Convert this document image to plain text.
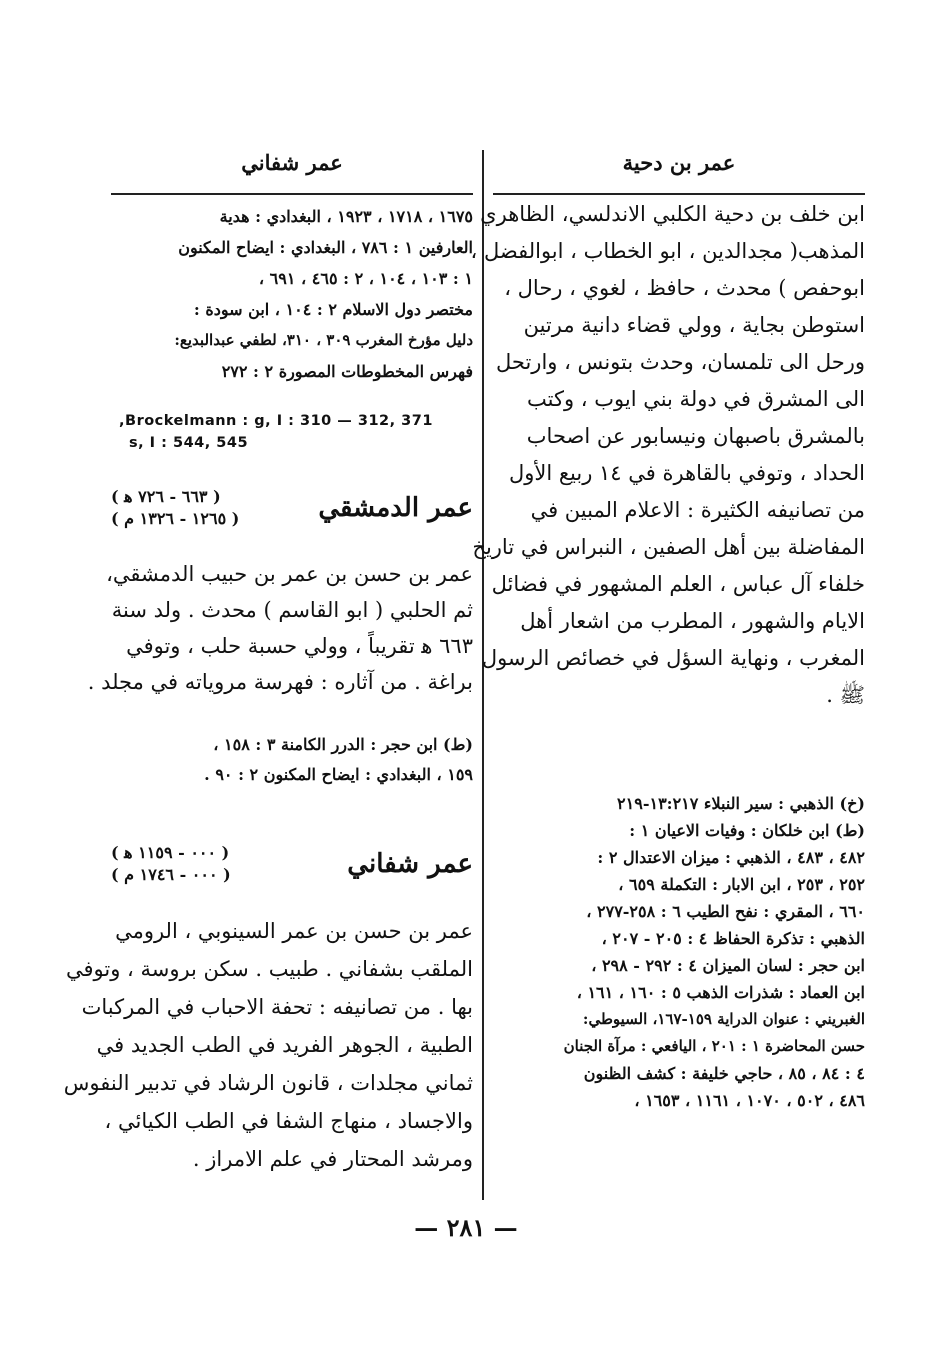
عمر بن دحية
عمر شفاني

ابن خلف بن دحية الكلبي الاندلسي، الظاهري

المذهب( مجدالدين ، ابو الخطاب ، ابوالفضل ،

ابوحفص ) محدث ، حافظ ، لغوي ، رحال ،

استوطن بجاية ، وولي قضاء دانية مرتين

ورحل الى تلمسان، وحدث بتونس ، وارتحل

الى المشرق في دولة بني ايوب ، وكتب

بالمشرق باصبهان ونيسابور عن اصحاب

الحداد ، وتوفي بالقاهرة في ١٤ ربيع الأول

من تصانيفه الكثيرة : الاعلام المبين في

المفاضلة بين أهل الصفين ، النبراس في تاريخ

خلفاء آل عباس ، العلم المشهور في فضائل

الايام والشهور ، المطرب من اشعار أهل

المغرب ، ونهاية السؤل في خصائص الرسول

ﷺ .

(خ) الذهبي : سير النبلاء ١٣:٢١٧-٢١٩

(ط) ابن خلكان : وفيات الاعيان ١ :

٤٨٢ ، ٤٨٣ ، الذهبي : ميزان الاعتدال ٢ :

٢٥٢ ، ٢٥٣ ، ابن الابار : التكملة ٦٥٩ ،

٦٦٠ ، المقري : نفح الطيب ٦ : ٢٥٨-٢٧٧ ،

الذهبي : تذكرة الحفاظ ٤ : ٢٠٥ - ٢٠٧ ،

ابن حجر : لسان الميزان ٤ : ٢٩٢ - ٢٩٨ ،

ابن العماد : شذرات الذهب ٥ : ١٦٠ ، ١٦١ ،

الغبريني : عنوان الدراية ١٥٩-١٦٧، السيوطي:

حسن المحاضرة ١ : ٢٠١ ، اليافعي : مرآة الجنان

٤ : ٨٤ ، ٨٥ ، حاجي خليفة : كشف الظنون

٤٨٦ ، ٥٠٢ ، ١٠٧٠ ، ١١٦١ ، ١٦٥٣ ،

١٦٧٥ ، ١٧١٨ ، ١٩٢٣ ، البغدادي : هدية

العارفين ١ : ٧٨٦ ، البغدادي : ايضاح المكنون

١ : ١٠٣ ، ١٠٤ ، ٢ : ٤٦٥ ، ٦٩١ ،

مختصر دول الاسلام ٢ : ١٠٤ ، ابن سودة :

دليل مؤرخ المغرب ٣٠٩ ، ٣١٠، لطفي عبدالبديع:

فهرس المخطوطات المصورة ٢ : ٢٧٢

Brockelmann : g, I : 310 — 312, 371,
s, I : 544, 545
عمر الدمشقي
( ٦٦٣ - ٧٢٦ ﻫ )
( ١٢٦٥ - ١٣٢٦ م )

عمر بن حسن بن عمر بن حبيب الدمشقي،

ثم الحلبي ( ابو القاسم ) محدث . ولد سنة

٦٦٣ ﻫ تقريباً ، وولي حسبة حلب ، وتوفي

براغة . من آثاره : فهرسة مروياته في مجلد .

(ط) ابن حجر : الدرر الكامنة ٣ : ١٥٨ ،

١٥٩ ، البغدادي : ايضاح المكنون ٢ : ٩٠ .

عمر شفاني
( ٠٠٠ - ١١٥٩ ﻫ )
( ٠٠٠ - ١٧٤٦ م )

عمر بن حسن بن عمر السينوبي ، الرومي

الملقب بشفاني . طبيب . سكن بروسة ، وتوفي

بها . من تصانيفه : تحفة الاحباب في المركبات

الطبية ، الجوهر الفريد في الطب الجديد في

ثماني مجلدات ، قانون الرشاد في تدبير النفوس

والاجساد ، منهاج الشفا في الطب الكيائي ،

ومرشد المحتار في علم الامراز .

— ٢٨١ —
